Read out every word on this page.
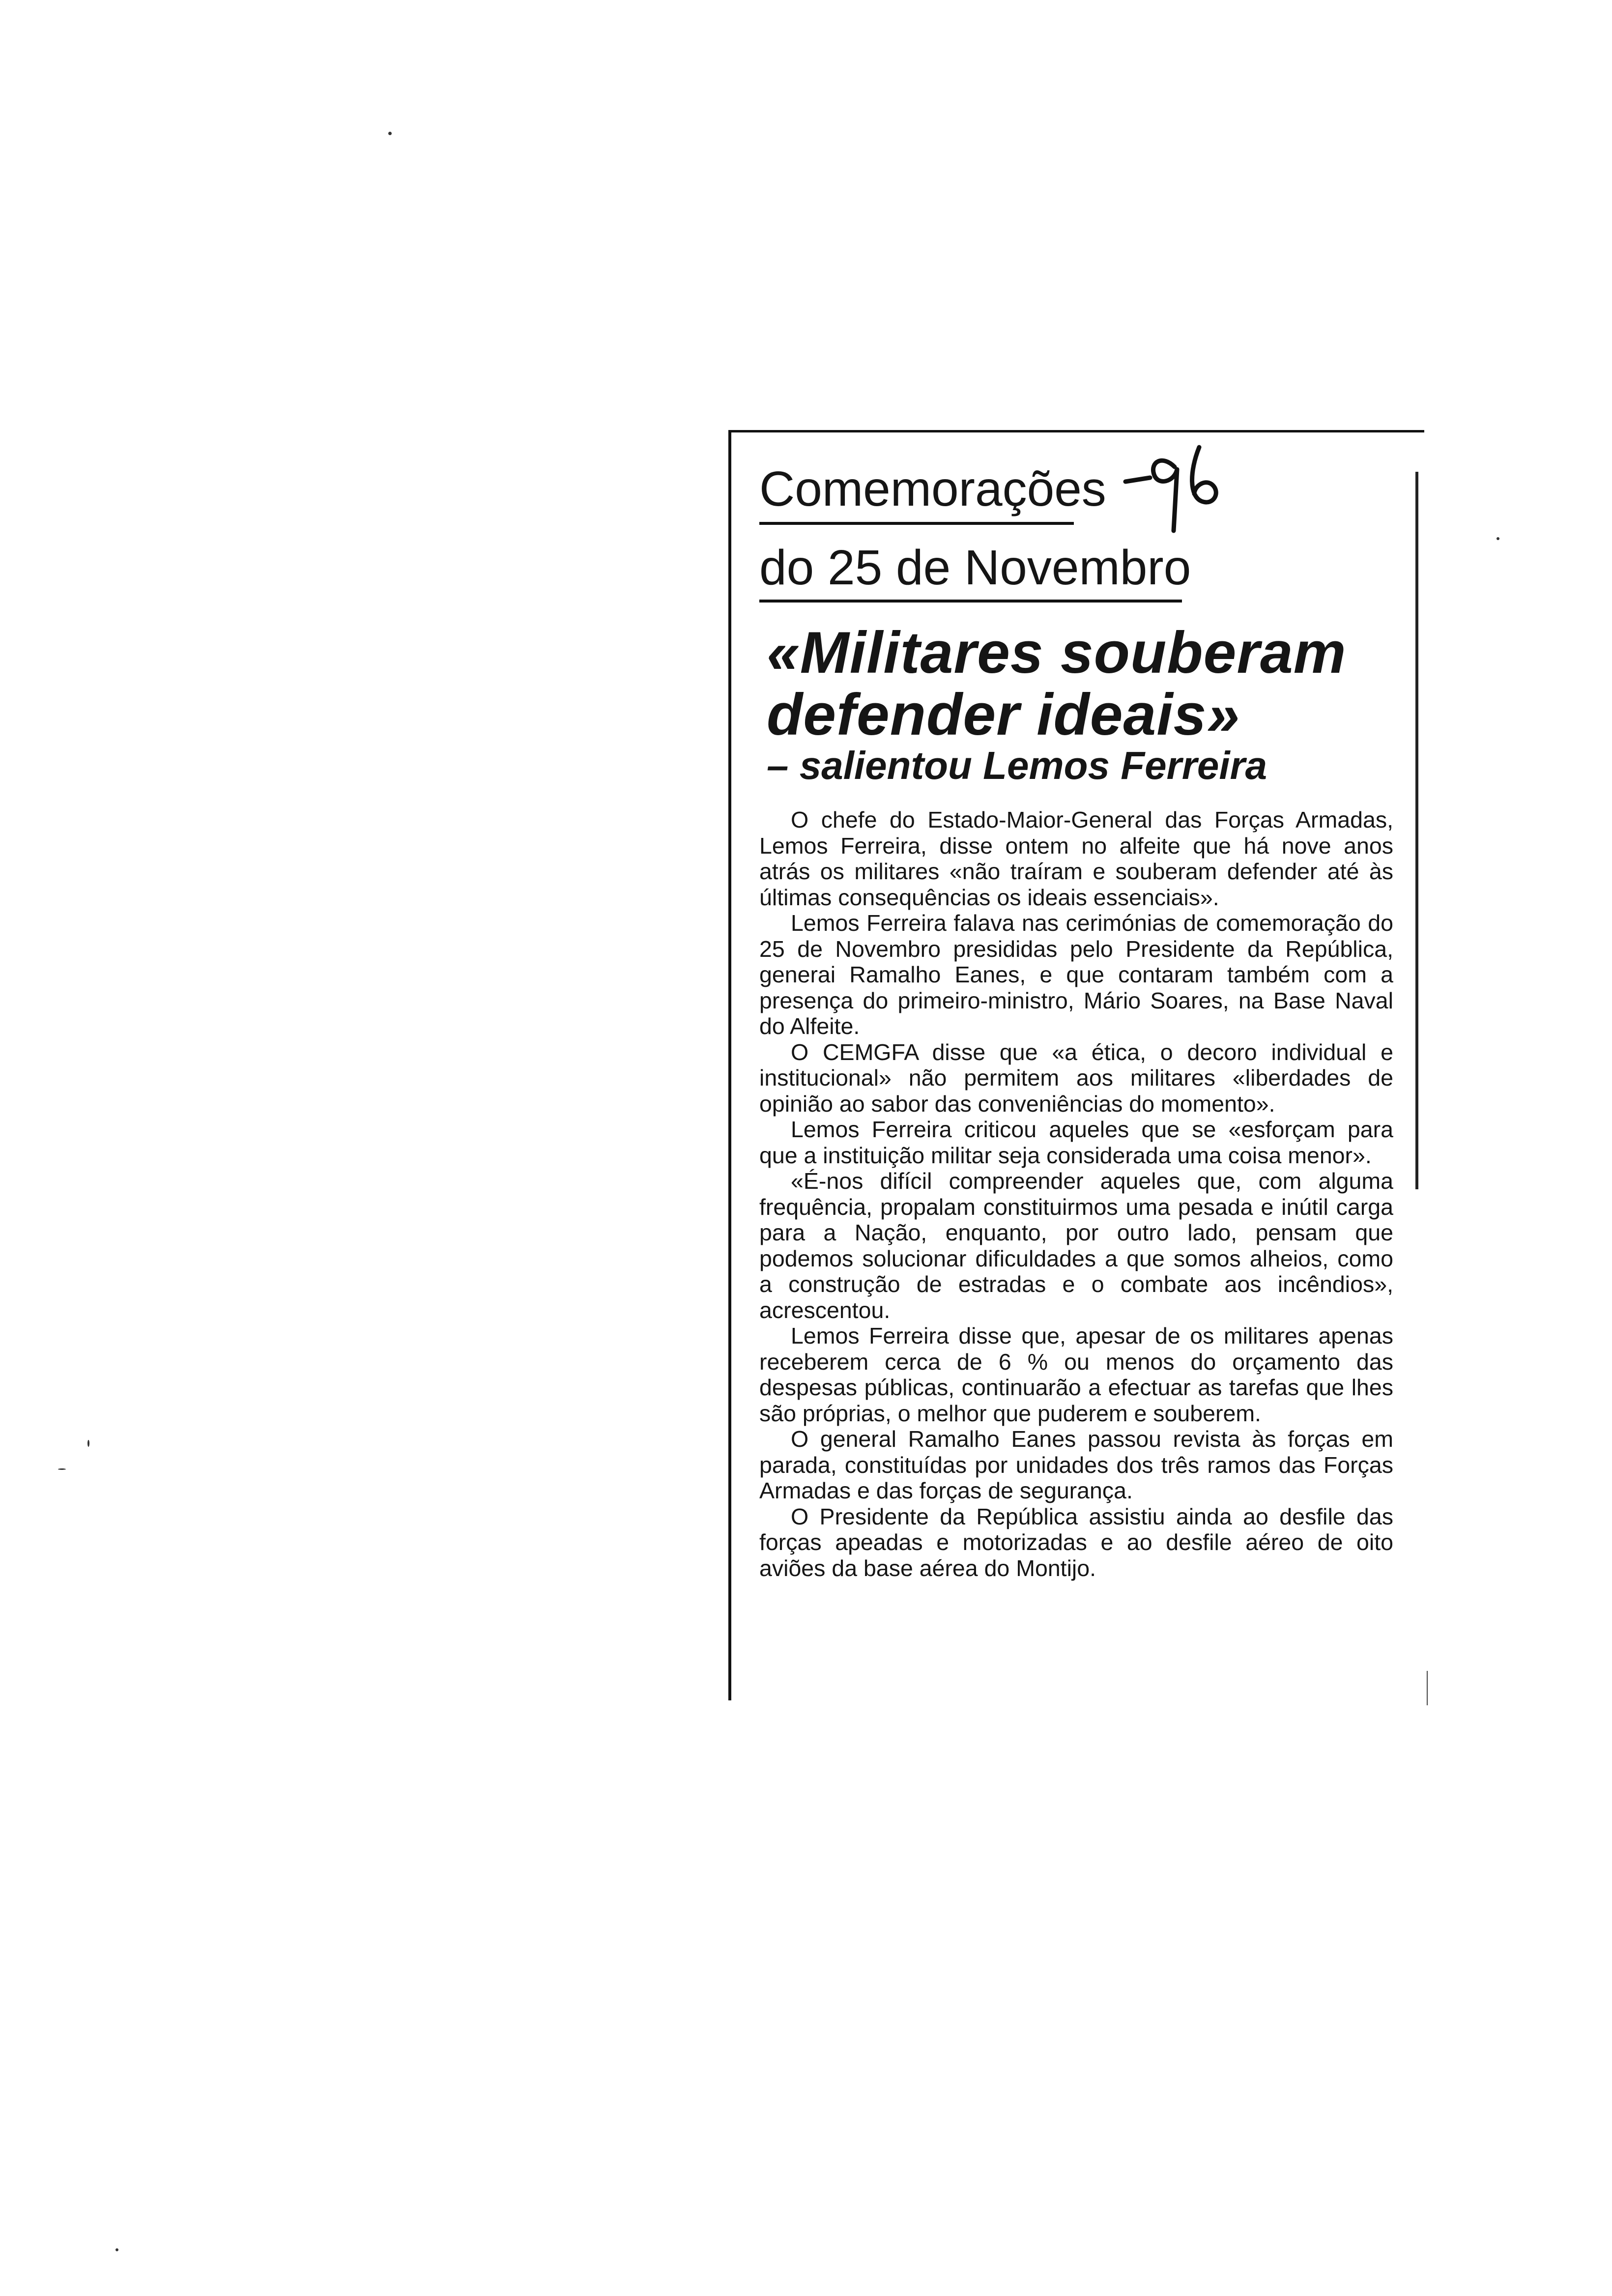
Comemorações
do 25 de Novembro
«Militares souberam
defender ideais»
– salientou Lemos Ferreira

O chefe do Estado-Maior-General das Forças Armadas, Lemos Ferreira, disse ontem no alfeite que há nove anos atrás os militares «não traíram e souberam defender até às últimas consequências os ideais essenciais».

Lemos Ferreira falava nas cerimónias de comemoração do 25 de Novembro presididas pelo Presidente da República, generai Ramalho Eanes, e que contaram também com a presença do primeiro-ministro, Mário Soares, na Base Naval do Alfeite.

O CEMGFA disse que «a ética, o decoro individual e institucional» não permitem aos militares «liberdades de opinião ao sabor das conveniências do momento».

Lemos Ferreira criticou aqueles que se «esforçam para que a instituição militar seja considerada uma coisa menor».

«É-nos difícil compreender aqueles que, com alguma frequência, propalam constituirmos uma pesada e inútil carga para a Nação, enquanto, por outro lado, pensam que podemos solucionar dificuldades a que somos alheios, como a construção de estradas e o combate aos incêndios», acrescentou.

Lemos Ferreira disse que, apesar de os militares apenas receberem cerca de 6 % ou menos do orçamento das despesas públicas, continuarão a efectuar as tarefas que lhes são próprias, o melhor que puderem e souberem.

O general Ramalho Eanes passou revista às forças em parada, constituídas por unidades dos três ramos das Forças Armadas e das forças de segurança.

O Presidente da República assistiu ainda ao desfile das forças apeadas e motorizadas e ao desfile aéreo de oito aviões da base aérea do Montijo.
